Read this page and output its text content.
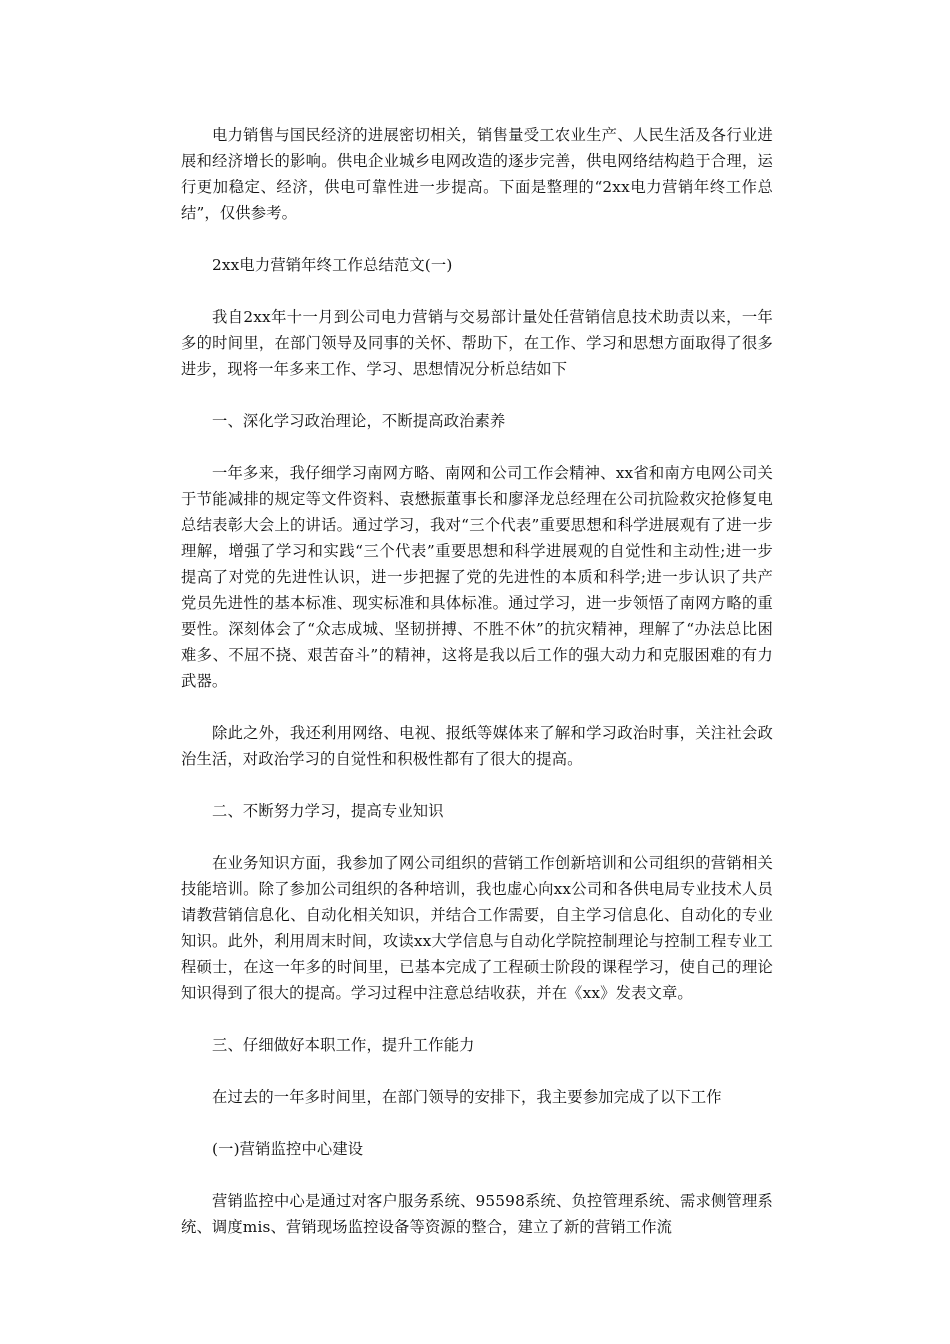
电力销售与国民经济的进展密切相关，销售量受工农业生产、人民生活及各行业进展和经济增长的影响。供电企业城乡电网改造的逐步完善，供电网络结构趋于合理，运行更加稳定、经济，供电可靠性进一步提高。下面是整理的“2xx电力营销年终工作总结”，仅供参考。

2xx电力营销年终工作总结范文(一)

我自2xx年十一月到公司电力营销与交易部计量处任营销信息技术助责以来，一年多的时间里，在部门领导及同事的关怀、帮助下，在工作、学习和思想方面取得了很多进步，现将一年多来工作、学习、思想情况分析总结如下

一、深化学习政治理论，不断提高政治素养

一年多来，我仔细学习南网方略、南网和公司工作会精神、xx省和南方电网公司关于节能减排的规定等文件资料、袁懋振董事长和廖泽龙总经理在公司抗险救灾抢修复电总结表彰大会上的讲话。通过学习，我对“三个代表”重要思想和科学进展观有了进一步理解，增强了学习和实践“三个代表”重要思想和科学进展观的自觉性和主动性;进一步提高了对党的先进性认识，进一步把握了党的先进性的本质和科学;进一步认识了共产党员先进性的基本标准、现实标准和具体标准。通过学习，进一步领悟了南网方略的重要性。深刻体会了“众志成城、坚韧拼搏、不胜不休”的抗灾精神，理解了“办法总比困难多、不屈不挠、艰苦奋斗”的精神，这将是我以后工作的强大动力和克服困难的有力武器。

除此之外，我还利用网络、电视、报纸等媒体来了解和学习政治时事，关注社会政治生活，对政治学习的自觉性和积极性都有了很大的提高。

二、不断努力学习，提高专业知识

在业务知识方面，我参加了网公司组织的营销工作创新培训和公司组织的营销相关技能培训。除了参加公司组织的各种培训，我也虚心向xx公司和各供电局专业技术人员请教营销信息化、自动化相关知识，并结合工作需要，自主学习信息化、自动化的专业知识。此外，利用周末时间，攻读xx大学信息与自动化学院控制理论与控制工程专业工程硕士，在这一年多的时间里，已基本完成了工程硕士阶段的课程学习，使自己的理论知识得到了很大的提高。学习过程中注意总结收获，并在《xx》发表文章。

三、仔细做好本职工作，提升工作能力

在过去的一年多时间里，在部门领导的安排下，我主要参加完成了以下工作

(一)营销监控中心建设

营销监控中心是通过对客户服务系统、95598系统、负控管理系统、需求侧管理系统、调度mis、营销现场监控设备等资源的整合，建立了新的营销工作流
